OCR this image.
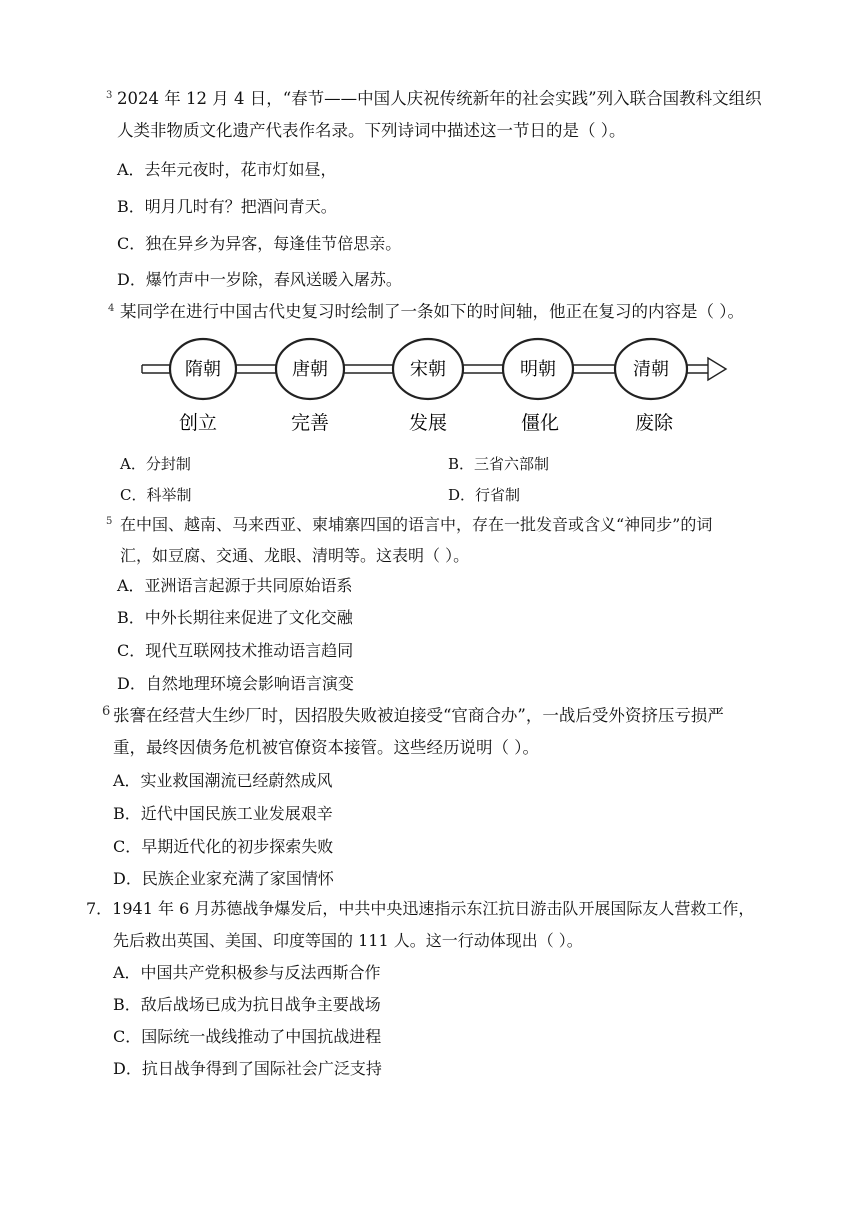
3 2024 年 12 月 4 日，“春节——中国人庆祝传统新年的社会实践”列入联合国教科文组织
人类非物质文化遗产代表作名录。下列诗词中描述这一节日的是（ ）。
A．去年元夜时，花市灯如昼，
B．明月几时有？把酒问青天。
C．独在异乡为异客，每逢佳节倍思亲。
D．爆竹声中一岁除，春风送暖入屠苏。
4 某同学在进行中国古代史复习时绘制了一条如下的时间轴，他正在复习的内容是（ ）。
隋朝
创立
唐朝
完善
宋朝
发展
明朝
僵化
清朝
废除
A．分封制	B．三省六部制
C．科举制	D．行省制
5 在中国、越南、马来西亚、柬埔寨四国的语言中，存在一批发音或含义“神同步”的词
汇，如豆腐、交通、龙眼、清明等。这表明（ ）。
A．亚洲语言起源于共同原始语系
B．中外长期往来促进了文化交融
C．现代互联网技术推动语言趋同
D．自然地理环境会影响语言演变
6 张謇在经营大生纱厂时，因招股失败被迫接受“官商合办”，一战后受外资挤压亏损严
重，最终因债务危机被官僚资本接管。这些经历说明（ ）。
A．实业救国潮流已经蔚然成风
B．近代中国民族工业发展艰辛
C．早期近代化的初步探索失败
D．民族企业家充满了家国情怀
7．1941 年 6 月苏德战争爆发后，中共中央迅速指示东江抗日游击队开展国际友人营救工作，
先后救出英国、美国、印度等国的 111 人。这一行动体现出（ ）。
A．中国共产党积极参与反法西斯合作
B．敌后战场已成为抗日战争主要战场
C．国际统一战线推动了中国抗战进程
D．抗日战争得到了国际社会广泛支持
